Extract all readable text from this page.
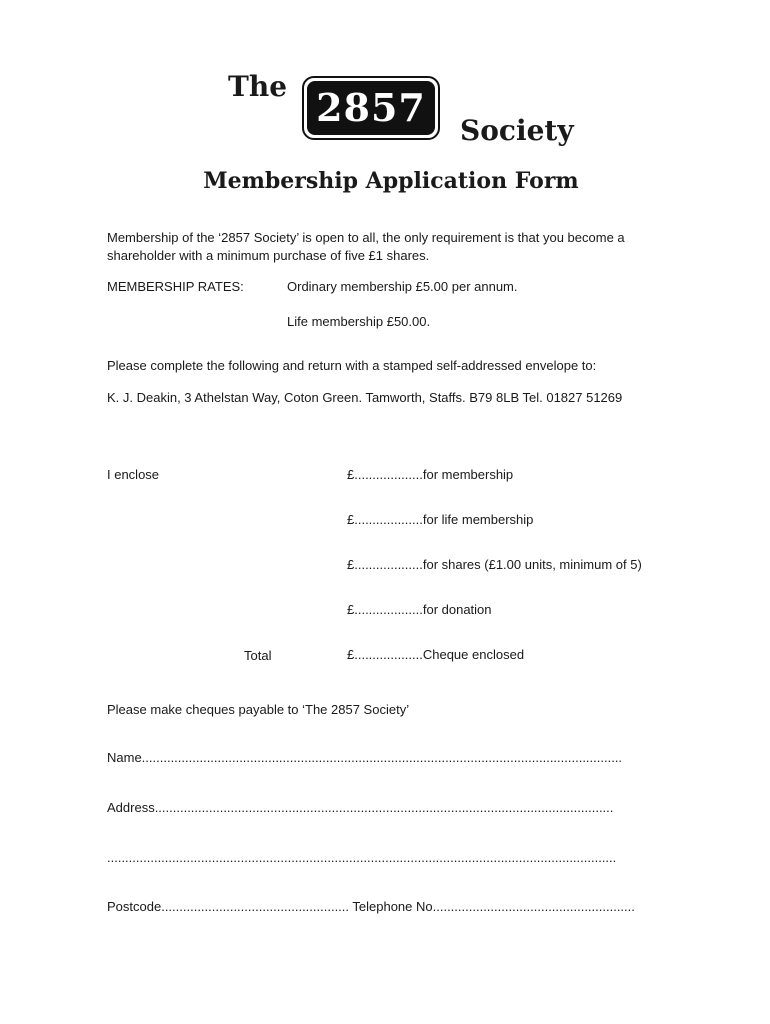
The 2857
Society
Membership Application Form
Membership of the ‘2857 Society’ is open to all, the only requirement is that you become a shareholder with a minimum purchase of five £1 shares.
MEMBERSHIP RATES:	Ordinary membership £5.00 per annum.
Life membership £50.00.
Please complete the following and return with a stamped self-addressed envelope to:
K. J. Deakin, 3 Athelstan Way, Coton Green. Tamworth, Staffs. B79 8LB Tel. 01827 51269
I enclose	£...................for membership
£...................for life membership
£...................for shares (£1.00 units, minimum of 5)
£...................for donation
Total	£...................Cheque enclosed
Please make cheques payable to ‘The 2857 Society’
Name.....................................................................................................................................
Address...............................................................................................................................
.............................................................................................................................................
Postcode.................................................... Telephone No........................................................
